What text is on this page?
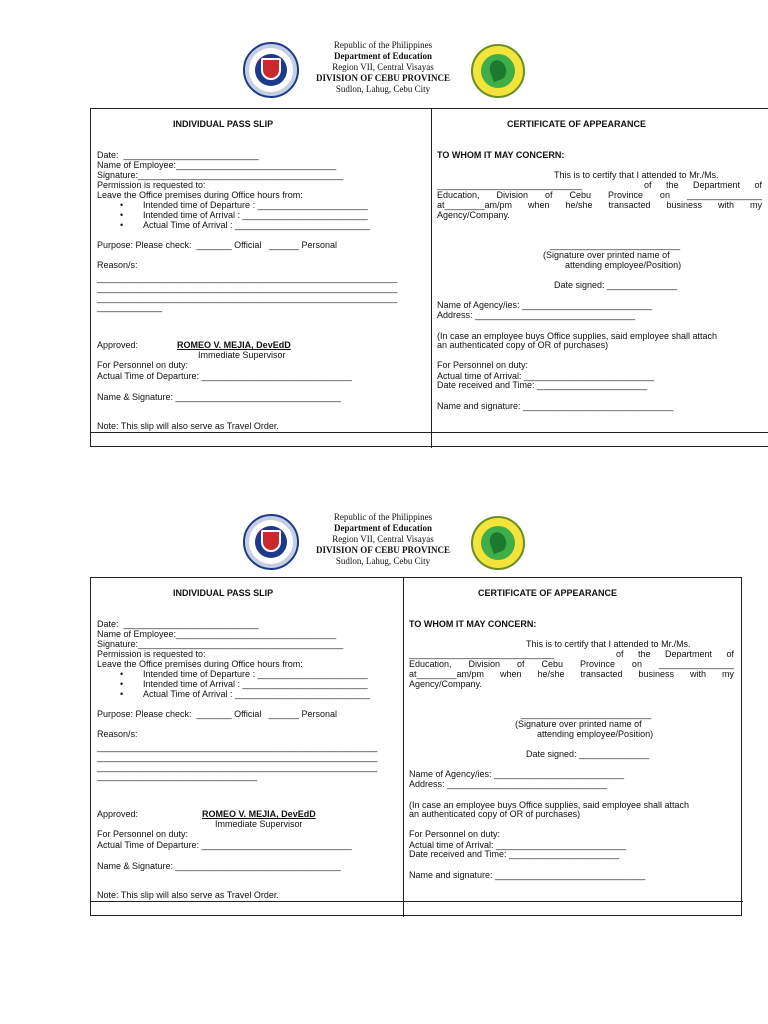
Republic of the Philippines
Department of Education
Region VII, Central Visayas
DIVISION OF CEBU PROVINCE
Sudlon, Lahug, Cebu City
INDIVIDUAL PASS SLIP
Date:  ___________________________
Name of Employee:________________________________
Signature:_________________________________________
Permission is requested to:
Leave the Office premises during Office hours from:
• Intended time of Departure : ______________________
• Intended time of Arrival : _________________________
• Actual Time of Arrival : ___________________________
Purpose: Please check:  _______ Official   ______ Personal
Reason/s:
____________________________________________________________
____________________________________________________________
____________________________________________________________
_____________
Approved:	ROMEO V. MEJIA, DevEdD
Immediate Supervisor
For Personnel on duty:
Actual Time of Departure: ______________________________
Name & Signature: _________________________________
Note: This slip will also serve as Travel Order.
CERTIFICATE OF APPEARANCE
TO WHOM IT MAY CONCERN:
This is to certify that I attended to Mr./Ms.
_____________________________	of the Department of
Education, Division of Cebu Province on _______________
at________am/pm when he/she transacted business with my
Agency/Company.
__________________________
(Signature over printed name of
attending employee/Position)
Date signed: ______________
Name of Agency/ies: __________________________
Address: ________________________________
(In case an employee buys Office supplies, said employee shall attach
an authenticated copy of OR of purchases)
For Personnel on duty:
Actual time of Arrival: __________________________
Date received and Time: ______________________
Name and signature: ______________________________
Republic of the Philippines
Department of Education
Region VII, Central Visayas
DIVISION OF CEBU PROVINCE
Sudlon, Lahug, Cebu City
INDIVIDUAL PASS SLIP
Date:  ___________________________
Name of Employee:________________________________
Signature:_________________________________________
Permission is requested to:
Leave the Office premises during Office hours from:
• Intended time of Departure : ______________________
• Intended time of Arrival : _________________________
• Actual Time of Arrival : ___________________________
Purpose: Please check:  _______ Official   ______ Personal
Reason/s:
________________________________________________________
________________________________________________________
________________________________________________________
________________________________
Approved:	ROMEO V. MEJIA, DevEdD
Immediate Supervisor
For Personnel on duty:
Actual Time of Departure: ______________________________
Name & Signature: _________________________________
Note: This slip will also serve as Travel Order.
CERTIFICATE OF APPEARANCE
TO WHOM IT MAY CONCERN:
This is to certify that I attended to Mr./Ms.
_____________________________	of the Department of
Education, Division of Cebu Province on _______________
at________am/pm when he/she transacted business with my
Agency/Company.
__________________________
(Signature over printed name of
attending employee/Position)
Date signed: ______________
Name of Agency/ies: __________________________
Address: ________________________________
(In case an employee buys Office supplies, said employee shall attach
an authenticated copy of OR of purchases)
For Personnel on duty:
Actual time of Arrival: __________________________
Date received and Time: ______________________
Name and signature: ______________________________
